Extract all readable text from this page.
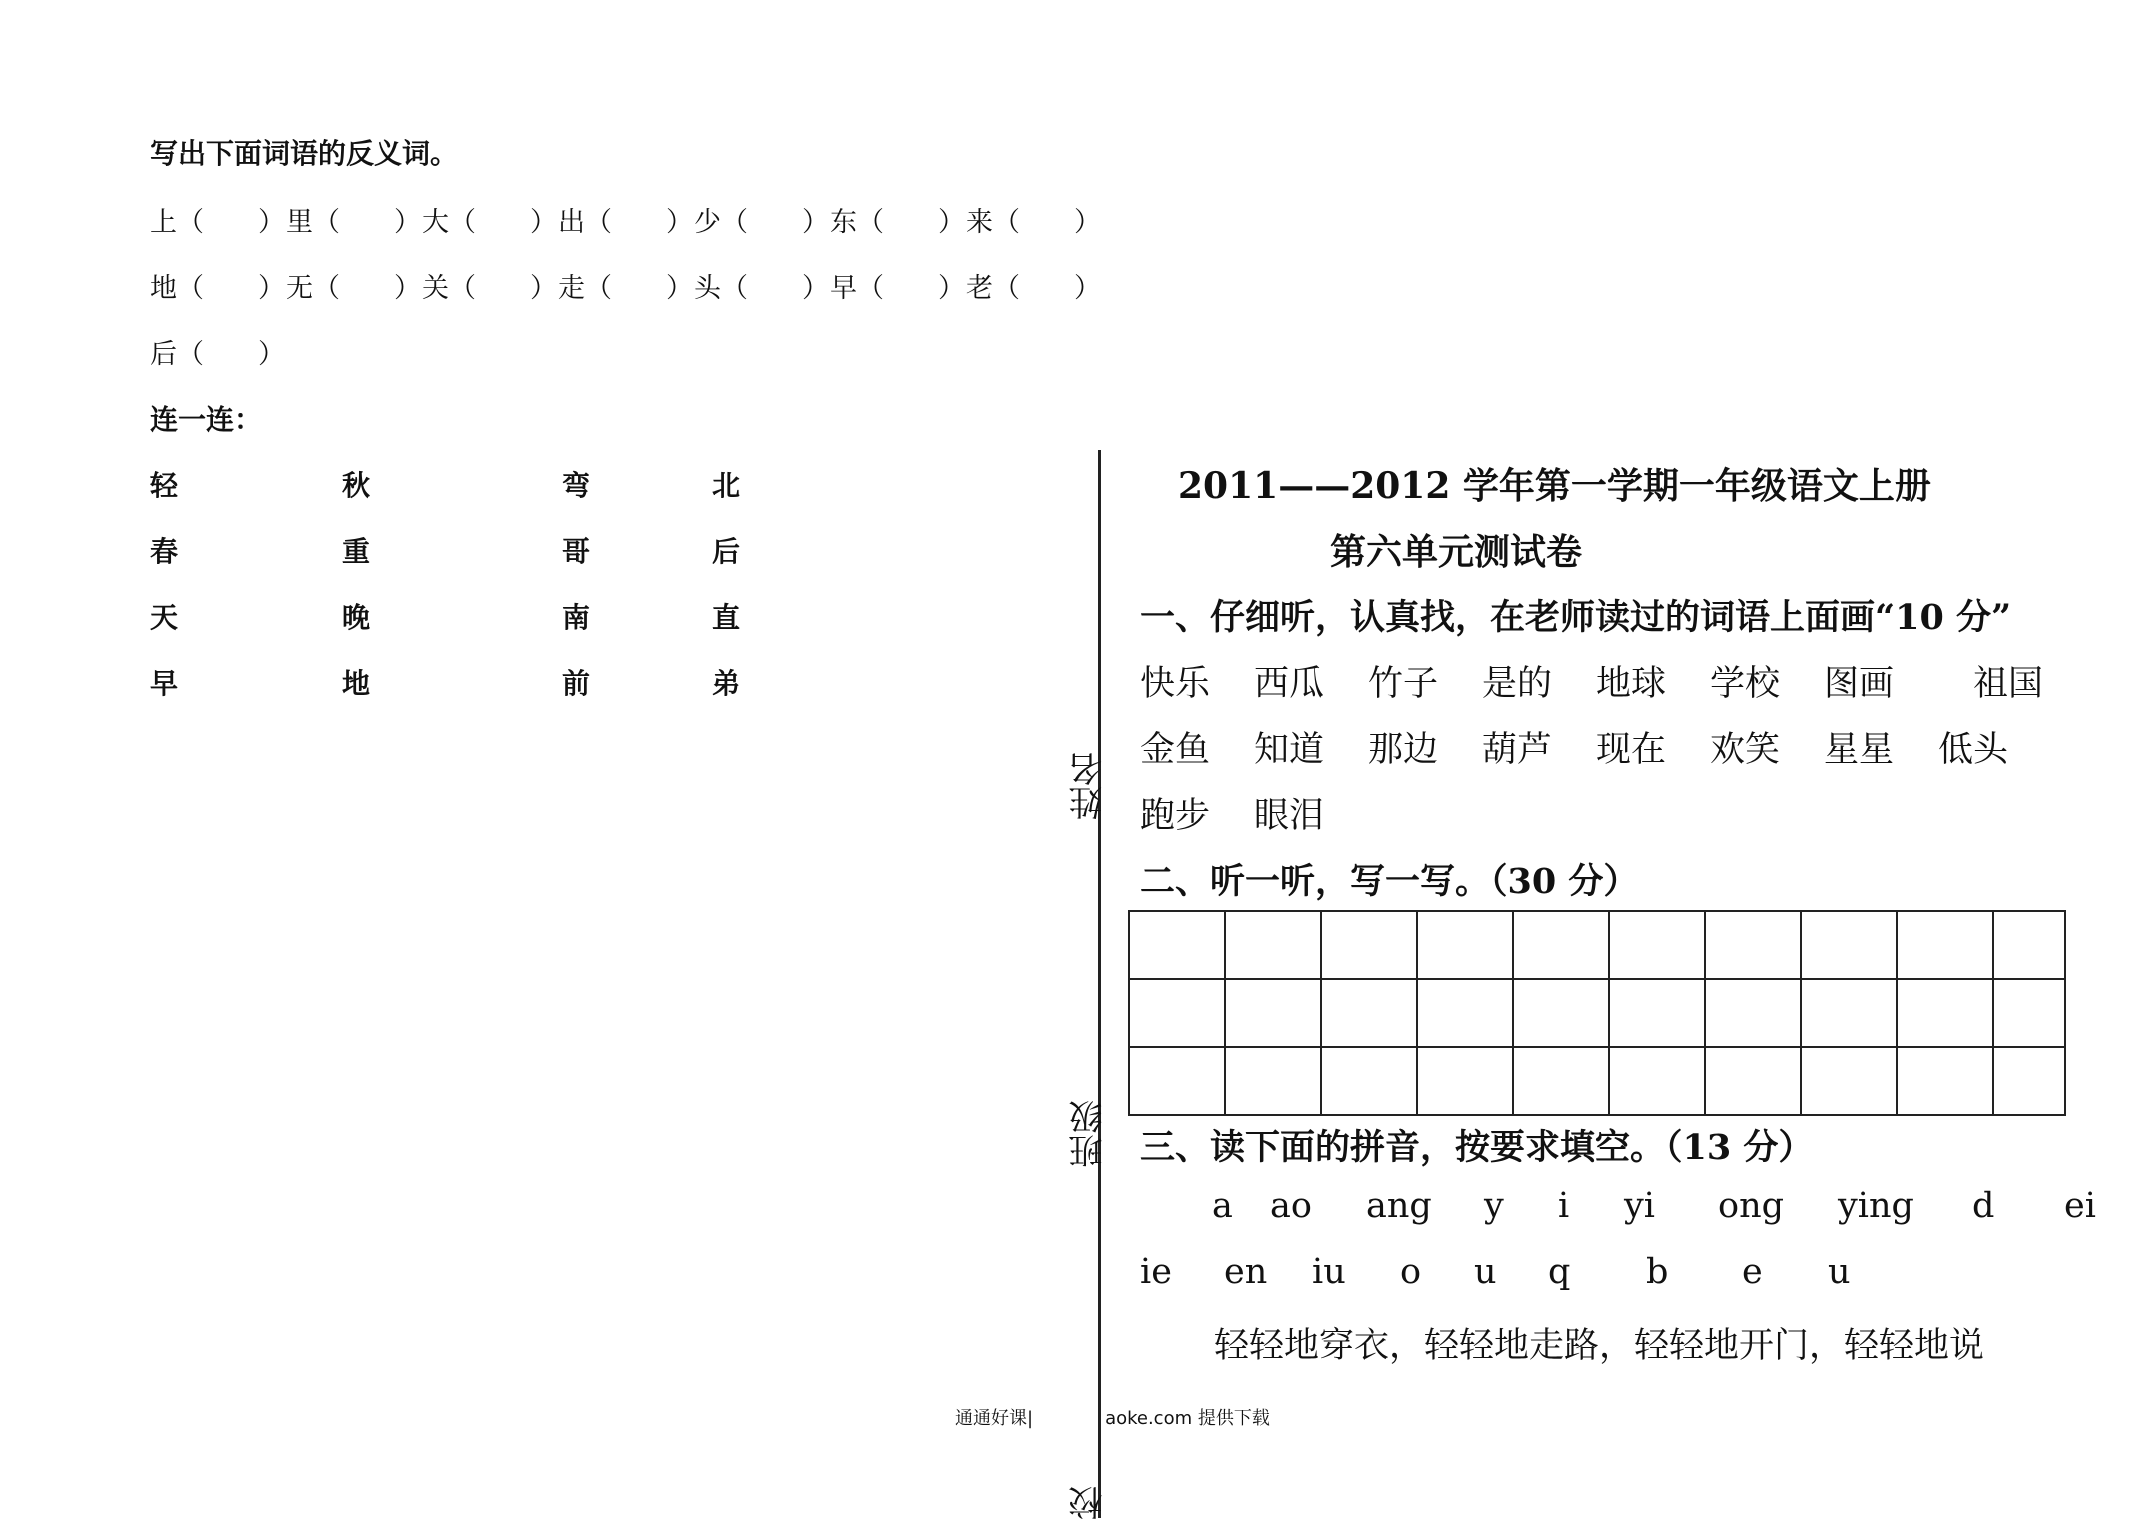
写出下面词语的反义词。
上（　　） 里（　　） 大（　　） 出（　　） 少（　　） 东（　　） 来（　　）
地（　　） 无（　　） 关（　　） 走（　　） 头（　　） 早（　　） 老（　　）
后（　　）
连一连：
轻	秋	弯	北
春	重	哥	后
天	晚	南	直
早	地	前	弟
姓名
班级
校
2011——2012 学年第一学期一年级语文上册
第六单元测试卷
一、仔细听，认真找，在老师读过的词语上面画“10 分”
快乐	西瓜	竹子	是的	地球	学校	图画	　祖国
金鱼	知道	那边	葫芦	现在	欢笑	星星	低头
跑步	眼泪
二、听一听，写一写。（30 分）

三、读下面的拼音，按要求填空。（13 分）
a	ao	ang	y	i	yi	ong	ying	d	ei
ie	en	iu	o	u	q	b	e	u
轻轻地穿衣，轻轻地走路，轻轻地开门，轻轻地说
通通好课|　　　　aoke.com 提供下载
